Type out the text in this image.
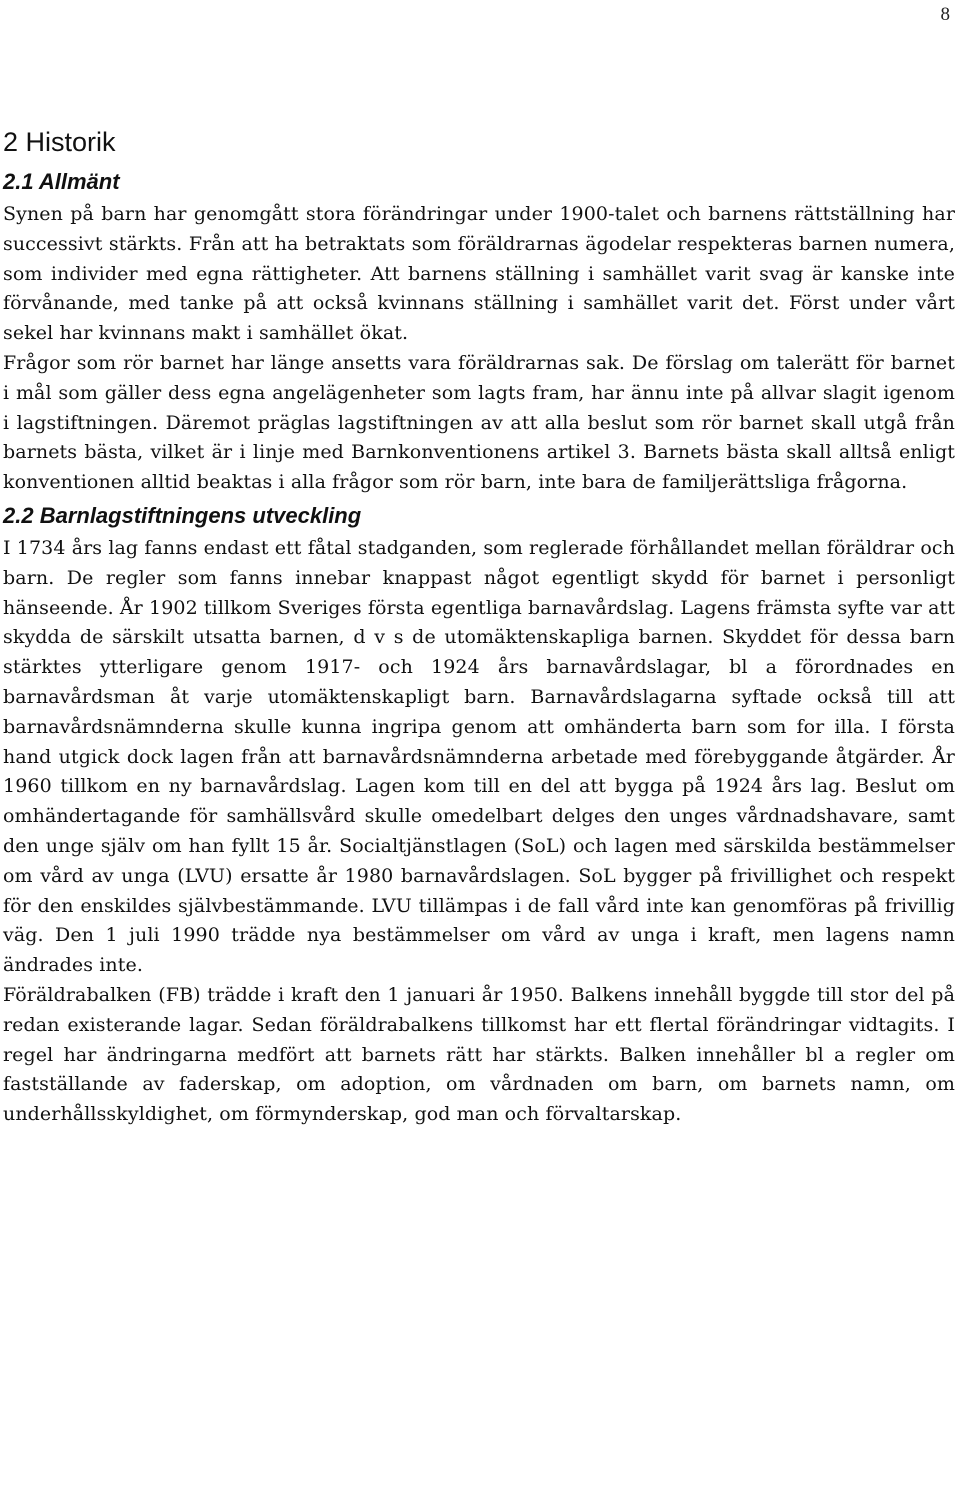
8
2 Historik
2.1 Allmänt

Synen på barn har genomgått stora förändringar under 1900-talet och barnens rättställning har successivt stärkts. Från att ha betraktats som föräldrarnas ägodelar respekteras barnen numera, som individer med egna rättigheter. Att barnens ställning i samhället varit svag är kanske inte förvånande, med tanke på att också kvinnans ställning i samhället varit det. Först under vårt sekel har kvinnans makt i samhället ökat.

Frågor som rör barnet har länge ansetts vara föräldrarnas sak. De förslag om talerätt för barnet i mål som gäller dess egna angelägenheter som lagts fram, har ännu inte på allvar slagit igenom i lagstiftningen. Däremot präglas lagstiftningen av att alla beslut som rör barnet skall utgå från barnets bästa, vilket är i linje med Barnkonventionens artikel 3. Barnets bästa skall alltså enligt konventionen alltid beaktas i alla frågor som rör barn, inte bara de familjerättsliga frågorna.

2.2 Barnlagstiftningens utveckling

I 1734 års lag fanns endast ett fåtal stadganden, som reglerade förhållandet mellan föräldrar och barn. De regler som fanns innebar knappast något egentligt skydd för barnet i personligt hänseende. År 1902 tillkom Sveriges första egentliga barnavårdslag. Lagens främsta syfte var att skydda de särskilt utsatta barnen, d v s de utomäktenskapliga barnen. Skyddet för dessa barn stärktes ytterligare genom 1917- och 1924 års barnavårdslagar, bl a förordnades en barnavårdsman åt varje utomäktenskapligt barn. Barnavårdslagarna syftade också till att barnavårdsnämnderna skulle kunna ingripa genom att omhänderta barn som for illa. I första hand utgick dock lagen från att barnavårdsnämnderna arbetade med förebyggande åtgärder. År 1960 tillkom en ny barnavårdslag. Lagen kom till en del att bygga på 1924 års lag. Beslut om omhändertagande för samhällsvård skulle omedelbart delges den unges vårdnadshavare, samt den unge själv om han fyllt 15 år. Socialtjänstlagen (SoL) och lagen med särskilda bestämmelser om vård av unga (LVU) ersatte år 1980 barnavårdslagen. SoL bygger på frivillighet och respekt för den enskildes självbestämmande. LVU tillämpas i de fall vård inte kan genomföras på frivillig väg. Den 1 juli 1990 trädde nya bestämmelser om vård av unga i kraft, men lagens namn ändrades inte.

Föräldrabalken (FB) trädde i kraft den 1 januari år 1950. Balkens innehåll byggde till stor del på redan existerande lagar. Sedan föräldrabalkens tillkomst har ett flertal förändringar vidtagits. I regel har ändringarna medfört att barnets rätt har stärkts. Balken innehåller bl a regler om fastställande av faderskap, om adoption, om vårdnaden om barn, om barnets namn, om underhållsskyldighet, om förmynderskap, god man och förvaltarskap.
